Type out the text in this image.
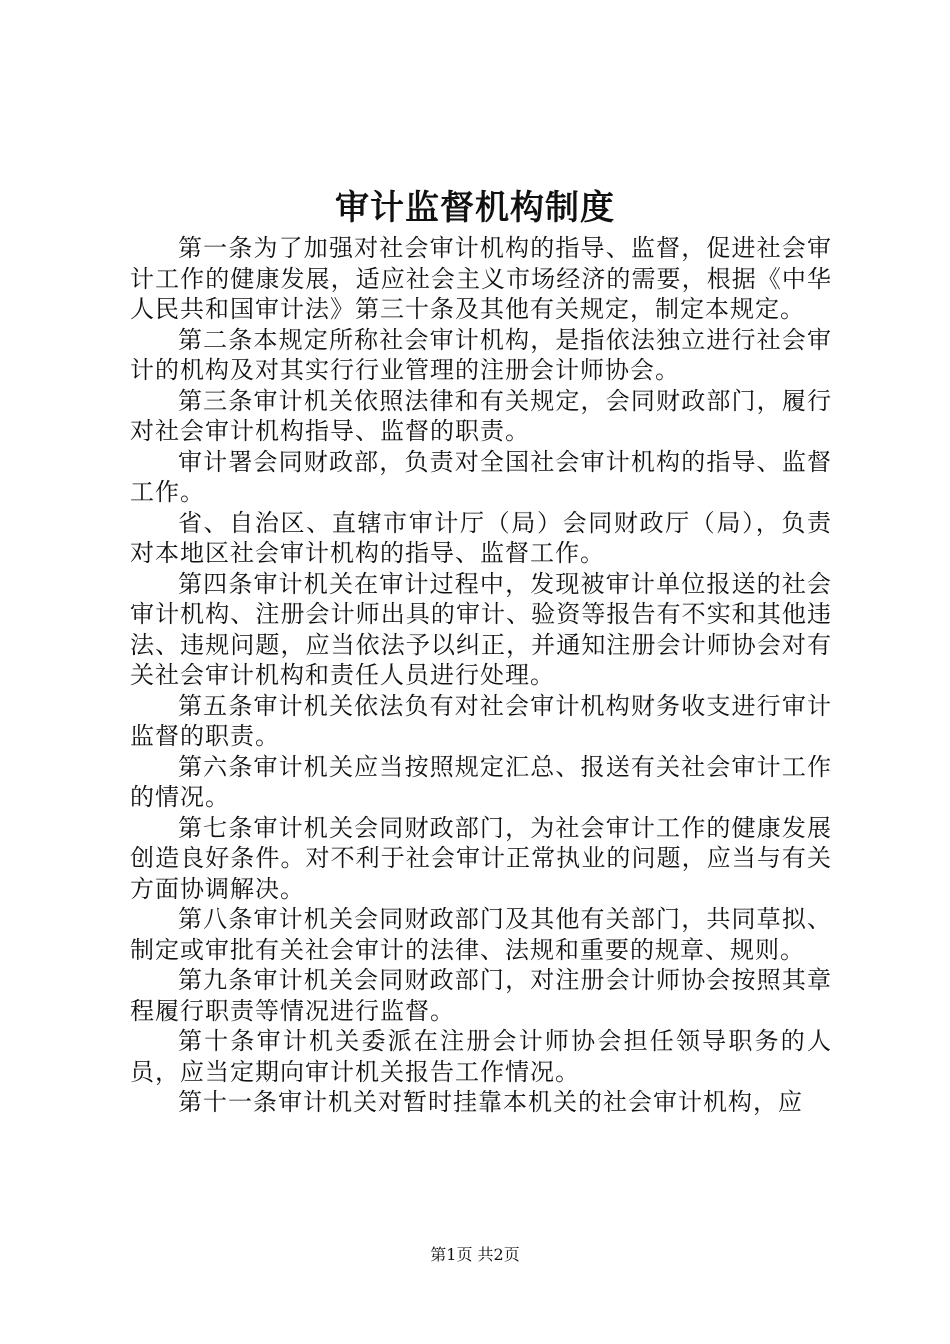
审计监督机构制度

第一条为了加强对社会审计机构的指导、监督，促进社会审计工作的健康发展，适应社会主义市场经济的需要，根据《中华人民共和国审计法》第三十条及其他有关规定，制定本规定。

第二条本规定所称社会审计机构，是指依法独立进行社会审计的机构及对其实行行业管理的注册会计师协会。

第三条审计机关依照法律和有关规定，会同财政部门，履行对社会审计机构指导、监督的职责。

审计署会同财政部，负责对全国社会审计机构的指导、监督工作。

省、自治区、直辖市审计厅（局）会同财政厅（局），负责对本地区社会审计机构的指导、监督工作。

第四条审计机关在审计过程中，发现被审计单位报送的社会审计机构、注册会计师出具的审计、验资等报告有不实和其他违法、违规问题，应当依法予以纠正，并通知注册会计师协会对有关社会审计机构和责任人员进行处理。

第五条审计机关依法负有对社会审计机构财务收支进行审计监督的职责。

第六条审计机关应当按照规定汇总、报送有关社会审计工作的情况。

第七条审计机关会同财政部门，为社会审计工作的健康发展创造良好条件。对不利于社会审计正常执业的问题，应当与有关方面协调解决。

第八条审计机关会同财政部门及其他有关部门，共同草拟、制定或审批有关社会审计的法律、法规和重要的规章、规则。

第九条审计机关会同财政部门，对注册会计师协会按照其章程履行职责等情况进行监督。

第十条审计机关委派在注册会计师协会担任领导职务的人员，应当定期向审计机关报告工作情况。

第十一条审计机关对暂时挂靠本机关的社会审计机构，应

第1页 共2页
